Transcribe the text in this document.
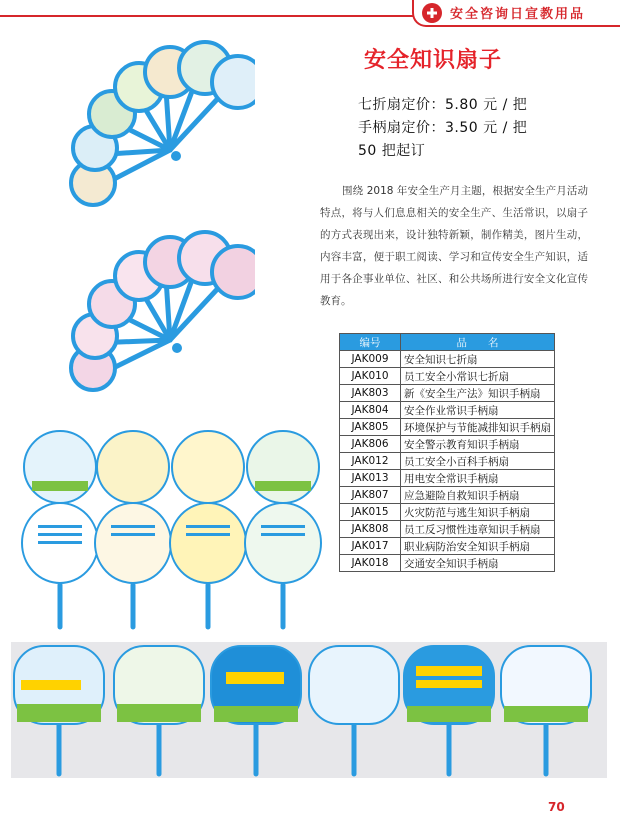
安全咨询日宣教用品
安全知识扇子
七折扇定价：5.80 元 / 把
手柄扇定价：3.50 元 / 把
50 把起订
围绕 2018 年安全生产月主题，根据安全生产月活动特点，将与人们息息相关的安全生产、生活常识，以扇子的方式表现出来，设计独特新颖，制作精美，图片生动，内容丰富，便于职工阅读、学习和宣传安全生产知识，适用于各企事业单位、社区、和公共场所进行安全文化宣传教育。
编号	品　　名
JAK009	安全知识七折扇
JAK010	员工安全小常识七折扇
JAK803	新《安全生产法》知识手柄扇
JAK804	安全作业常识手柄扇
JAK805	环境保护与节能减排知识手柄扇
JAK806	安全警示教育知识手柄扇
JAK012	员工安全小百科手柄扇
JAK013	用电安全常识手柄扇
JAK807	应急避险自救知识手柄扇
JAK015	火灾防范与逃生知识手柄扇
JAK808	员工反习惯性违章知识手柄扇
JAK017	职业病防治安全知识手柄扇
JAK018	交通安全知识手柄扇
70
